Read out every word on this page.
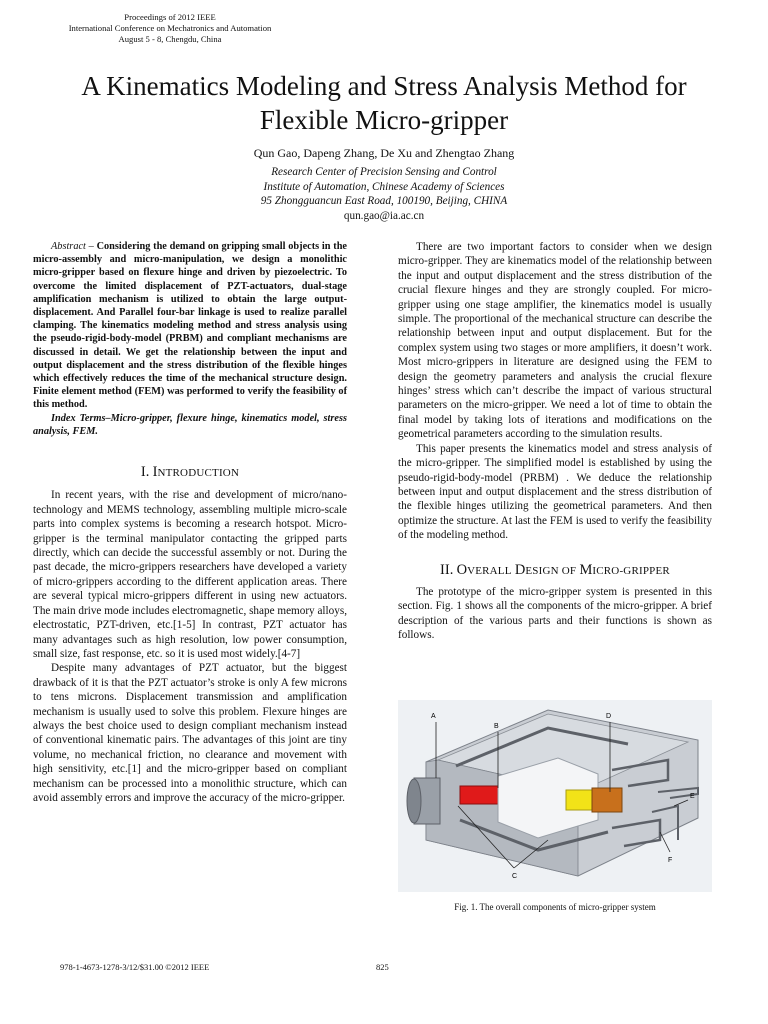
Proceedings of 2012 IEEE
International Conference on Mechatronics and Automation
August 5 - 8, Chengdu, China
A Kinematics Modeling and Stress Analysis Method for
Flexible Micro-gripper
Qun Gao, Dapeng Zhang, De Xu and Zhengtao Zhang
Research Center of Precision Sensing and Control
Institute of Automation, Chinese Academy of Sciences
95 Zhongguancun East Road, 100190, Beijing, CHINA
qun.gao@ia.ac.cn

Abstract – Considering the demand on gripping small objects in the micro-assembly and micro-manipulation, we design a monolithic micro-gripper based on flexure hinge and driven by piezoelectric. To overcome the limited displacement of PZT-actuators, dual-stage amplification mechanism is utilized to obtain the large output-displacement. And Parallel four-bar linkage is used to realize parallel clamping. The kinematics modeling method and stress analysis using the pseudo-rigid-body-model (PRBM) and compliant mechanisms are discussed in detail. We get the relationship between the input and output displacement and the stress distribution of the flexible hinges which effectively reduces the time of the mechanical structure design. Finite element method (FEM) was performed to verify the feasibility of this method.

Index Terms–Micro-gripper, flexure hinge, kinematics model, stress analysis, FEM.

I. INTRODUCTION

In recent years, with the rise and development of micro/nano-technology and MEMS technology, assembling multiple micro-scale parts into complex systems is becoming a research hotspot. Micro-gripper is the terminal manipulator contacting the gripped parts directly, which can decide the successful assembly or not. During the past decade, the micro-grippers researchers have developed a variety of micro-grippers according to the different application areas. There are several typical micro-grippers different in using new actuators. The main drive mode includes electromagnetic, shape memory alloys, electrostatic, PZT-driven, etc.[1-5] In contrast, PZT actuator has many advantages such as high resolution, low power consumption, small size, fast response, etc. so it is used most widely.[4-7]

Despite many advantages of PZT actuator, but the biggest drawback of it is that the PZT actuator’s stroke is only A few microns to tens microns. Displacement transmission and amplification mechanism is usually used to solve this problem. Flexure hinges are always the best choice used to design compliant mechanism instead of conventional kinematic pairs. The advantages of this joint are tiny volume, no mechanical friction, no clearance and movement with high sensitivity, etc.[1] and the micro-gripper based on compliant mechanism can be processed into a monolithic structure, which can avoid assembly errors and improve the accuracy of the micro-gripper.

There are two important factors to consider when we design micro-gripper. They are kinematics model of the relationship between the input and output displacement and the stress distribution of the crucial flexure hinges and they are strongly coupled. For micro-gripper using one stage amplifier, the kinematics model is usually simple. The proportional of the mechanical structure can describe the relationship between input and output displacement. But for the complex system using two stages or more amplifiers, it doesn’t work. Most micro-grippers in literature are designed using the FEM to design the geometry parameters and analysis the crucial flexure hinges’ stress which can’t describe the impact of various structural parameters on the micro-gripper. We need a lot of time to obtain the final model by taking lots of iterations and modifications on the geometrical parameters according to the simulation results.

This paper presents the kinematics model and stress analysis of the micro-gripper. The simplified model is established by using the pseudo-rigid-body-model (PRBM) . We deduce the relationship between input and output displacement and the stress distribution of the flexible hinges utilizing the geometrical parameters. And then optimize the structure. At last the FEM is used to verify the feasibility of the modeling method.

II. OVERALL DESIGN OF MICRO-GRIPPER

The prototype of the micro-gripper system is presented in this section. Fig. 1 shows all the components of the micro-gripper. A brief description of the various parts and their functions is shown as follows.

A
B
C
D
E
F
Fig. 1. The overall components of micro-gripper system
978-1-4673-1278-3/12/$31.00 ©2012 IEEE	825
